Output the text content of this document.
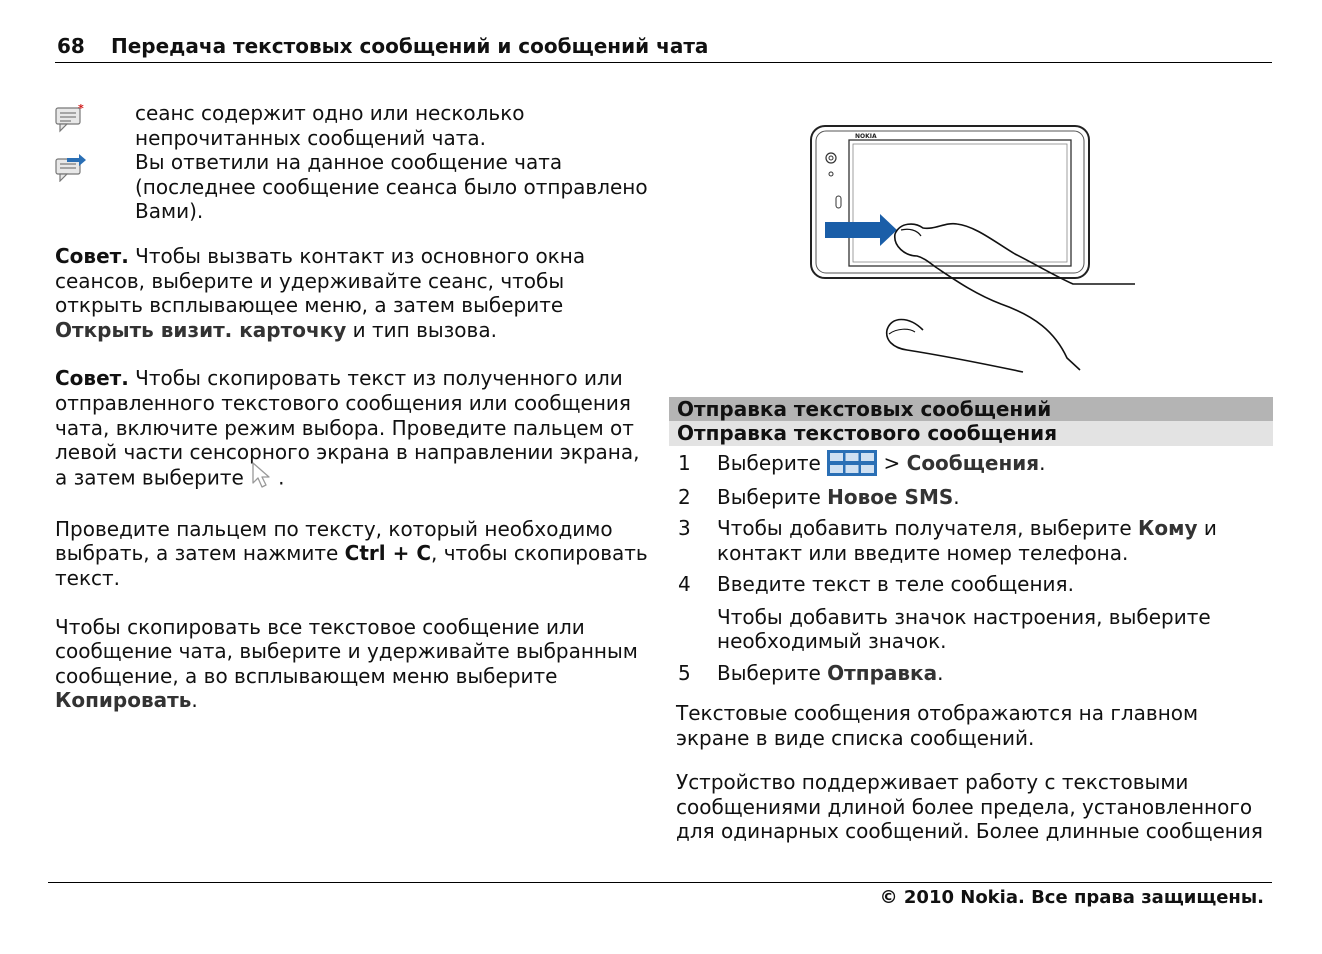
68 Передача текстовых сообщений и сообщений чата
*	сеанс содержит одно или несколько непрочитанных сообщений чата.
Вы ответили на данное сообщение чата (последнее сообщение сеанса было отправлено Вами).

Совет. Чтобы вызвать контакт из основного окна сеансов, выберите и удерживайте сеанс, чтобы открыть всплывающее меню, а затем выберите Открыть визит. карточку и тип вызова.

Совет. Чтобы скопировать текст из полученного или отправленного текстового сообщения или сообщения чата, включите режим выбора. Проведите пальцем от левой части сенсорного экрана в направлении экрана, а затем выберите .

Проведите пальцем по тексту, который необходимо выбрать, а затем нажмите Ctrl + C, чтобы скопировать текст.

Чтобы скопировать все текстовое сообщение или сообщение чата, выберите и удерживайте выбранным сообщение, а во всплывающем меню выберите Копировать.

NOKIA
Отправка текстовых сообщений
Отправка текстового сообщения
1 Выберите	> Сообщения.
2 Выберите Новое SMS.
3 Чтобы добавить получателя, выберите Кому и контакт или введите номер телефона.
4 Введите текст в теле сообщения.
Чтобы добавить значок настроения, выберите необходимый значок.
5 Выберите Отправка.

Текстовые сообщения отображаются на главном экране в виде списка сообщений.

Устройство поддерживает работу с текстовыми сообщениями длиной более предела, установленного для одинарных сообщений. Более длинные сообщения

© 2010 Nokia. Все права защищены.
